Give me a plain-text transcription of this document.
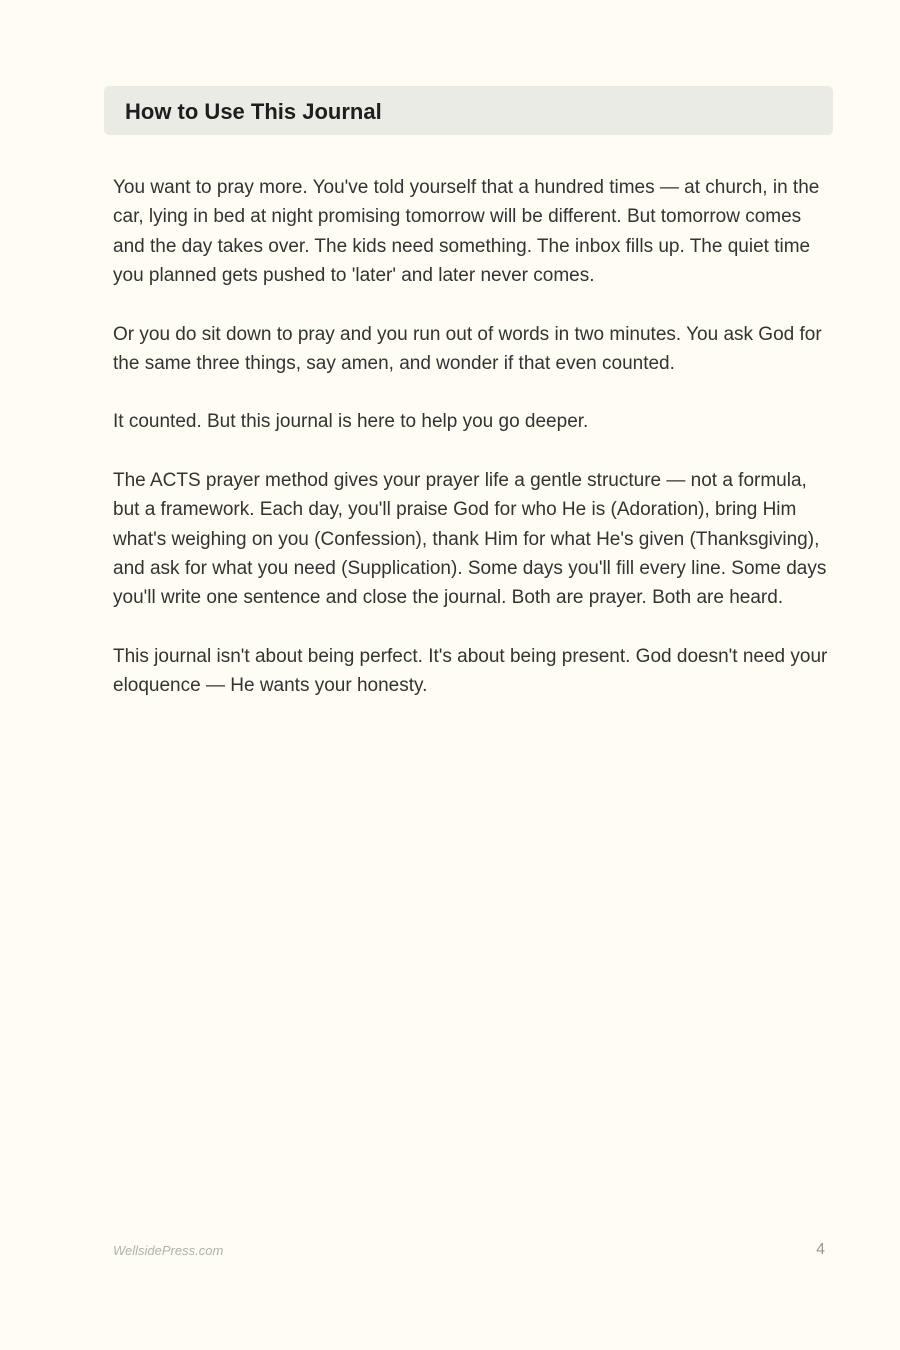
How to Use This Journal

You want to pray more. You've told yourself that a hundred times — at church, in the car, lying in bed at night promising tomorrow will be different. But tomorrow comes and the day takes over. The kids need something. The inbox fills up. The quiet time you planned gets pushed to 'later' and later never comes.

Or you do sit down to pray and you run out of words in two minutes. You ask God for the same three things, say amen, and wonder if that even counted.

It counted. But this journal is here to help you go deeper.

The ACTS prayer method gives your prayer life a gentle structure — not a formula, but a framework. Each day, you'll praise God for who He is (Adoration), bring Him what's weighing on you (Confession), thank Him for what He's given (Thanksgiving), and ask for what you need (Supplication). Some days you'll fill every line. Some days you'll write one sentence and close the journal. Both are prayer. Both are heard.

This journal isn't about being perfect. It's about being present. God doesn't need your eloquence — He wants your honesty.

WellsidePress.com	4
